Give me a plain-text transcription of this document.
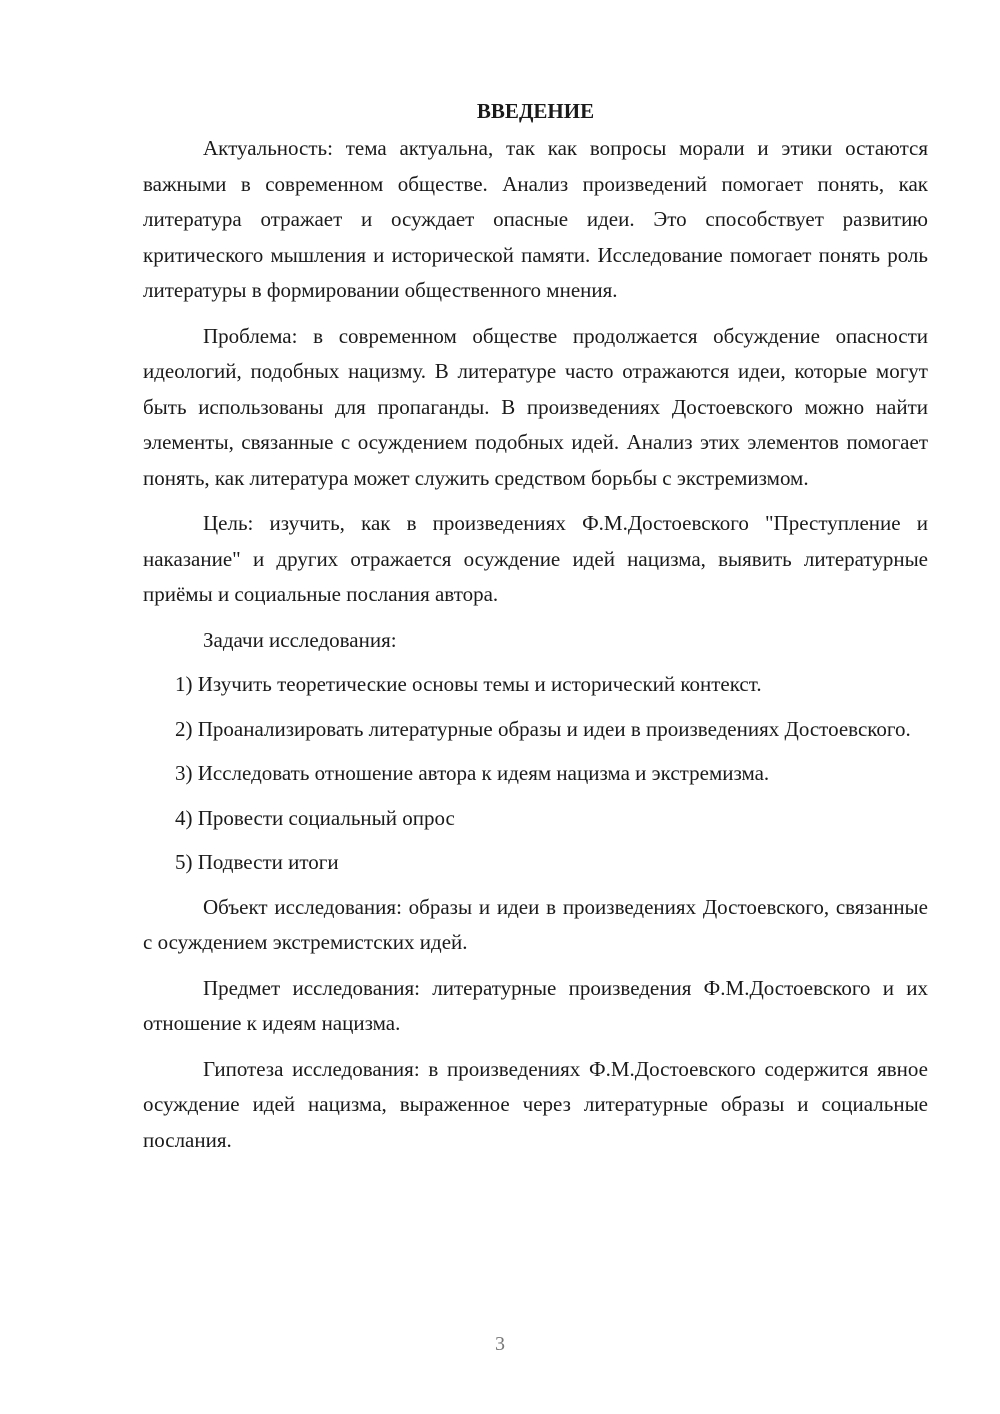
ВВЕДЕНИЕ

Актуальность: тема актуальна, так как вопросы морали и этики остаются важными в современном обществе. Анализ произведений помогает понять, как литература отражает и осуждает опасные идеи. Это способствует развитию критического мышления и исторической памяти. Исследование помогает понять роль литературы в формировании общественного мнения.

Проблема: в современном обществе продолжается обсуждение опасности идеологий, подобных нацизму. В литературе часто отражаются идеи, которые могут быть использованы для пропаганды. В произведениях Достоевского можно найти элементы, связанные с осуждением подобных идей. Анализ этих элементов помогает понять, как литература может служить средством борьбы с экстремизмом.

Цель: изучить, как в произведениях Ф.М.Достоевского "Преступление и наказание" и других отражается осуждение идей нацизма, выявить литературные приёмы и социальные послания автора.

Задачи исследования:

1) Изучить теоретические основы темы и исторический контекст.

2) Проанализировать литературные образы и идеи в произведениях Достоевского.

3) Исследовать отношение автора к идеям нацизма и экстремизма.

4) Провести социальный опрос

5) Подвести итоги

Объект исследования: образы и идеи в произведениях Достоевского, связанные с осуждением экстремистских идей.

Предмет исследования: литературные произведения Ф.М.Достоевского и их отношение к идеям нацизма.

Гипотеза исследования: в произведениях Ф.М.Достоевского содержится явное осуждение идей нацизма, выраженное через литературные образы и социальные послания.

3
